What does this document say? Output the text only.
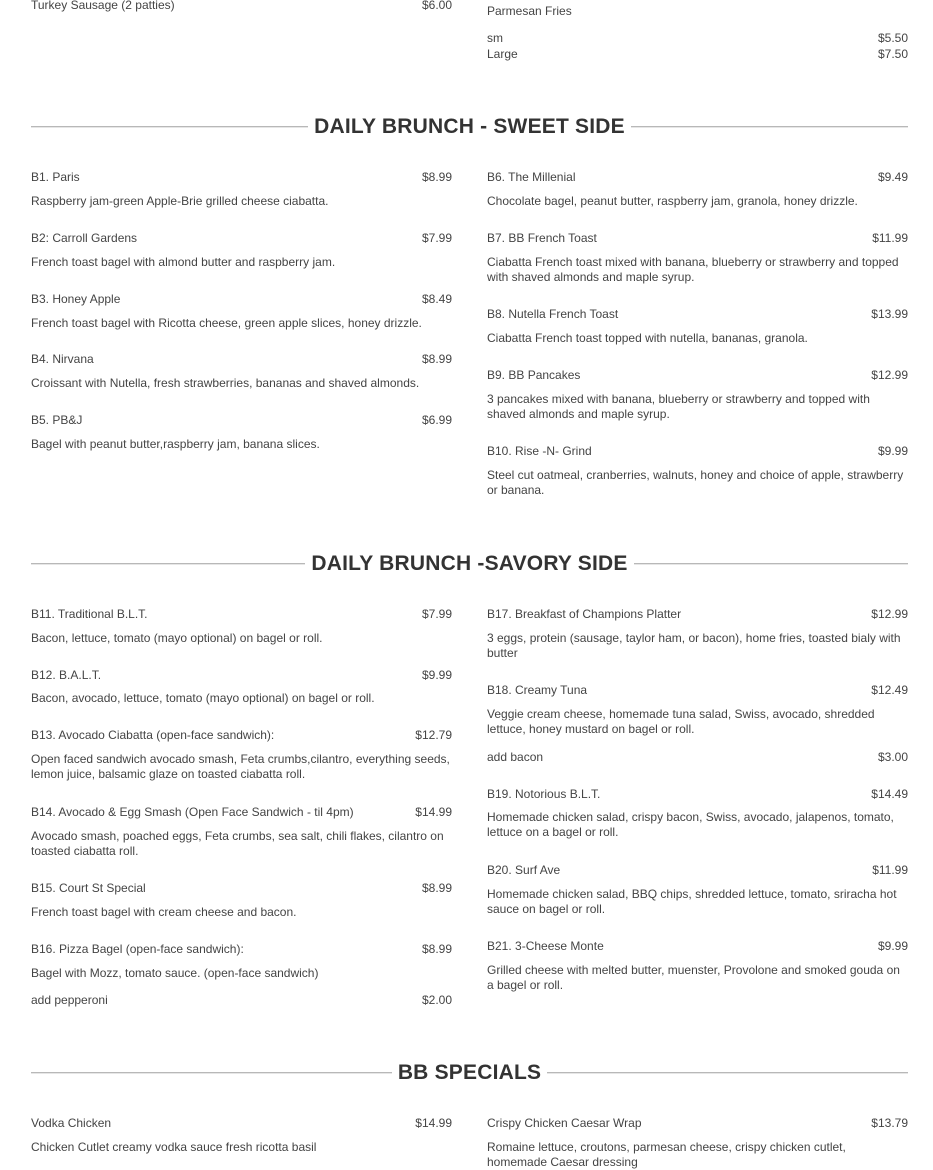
Turkey Sausage (2 patties)	$6.00	Parmesan Fries
sm	$5.50
Large	$7.50
DAILY BRUNCH - SWEET SIDE
B1. Paris	$8.99
Raspberry jam-green Apple-Brie grilled cheese ciabatta.
B2: Carroll Gardens	$7.99
French toast bagel with almond butter and raspberry jam.
B3. Honey Apple	$8.49
French toast bagel with Ricotta cheese, green apple slices, honey drizzle.
B4. Nirvana	$8.99
Croissant with Nutella, fresh strawberries, bananas and shaved almonds.
B5. PB&J	$6.99
Bagel with peanut butter,raspberry jam, banana slices.
B6. The Millenial	$9.49
Chocolate bagel, peanut butter, raspberry jam, granola, honey drizzle.
B7. BB French Toast	$11.99
Ciabatta French toast mixed with banana, blueberry or strawberry and topped with shaved almonds and maple syrup.
B8. Nutella French Toast	$13.99
Ciabatta French toast topped with nutella, bananas, granola.
B9. BB Pancakes	$12.99
3 pancakes mixed with banana, blueberry or strawberry and topped with shaved almonds and maple syrup.
B10. Rise -N- Grind	$9.99
Steel cut oatmeal, cranberries, walnuts, honey and choice of apple, strawberry or banana.
DAILY BRUNCH -SAVORY SIDE
B11. Traditional B.L.T.	$7.99
Bacon, lettuce, tomato (mayo optional) on bagel or roll.
B12. B.A.L.T.	$9.99
Bacon, avocado, lettuce, tomato (mayo optional) on bagel or roll.
B13. Avocado Ciabatta (open-face sandwich):	$12.79
Open faced sandwich avocado smash, Feta crumbs,cilantro, everything seeds, lemon juice, balsamic glaze on toasted ciabatta roll.
B14. Avocado & Egg Smash (Open Face Sandwich - til 4pm)	$14.99
Avocado smash, poached eggs, Feta crumbs, sea salt, chili flakes, cilantro on toasted ciabatta roll.
B15. Court St Special	$8.99
French toast bagel with cream cheese and bacon.
B16. Pizza Bagel (open-face sandwich):	$8.99
Bagel with Mozz, tomato sauce. (open-face sandwich)
add pepperoni	$2.00
B17. Breakfast of Champions Platter	$12.99
3 eggs, protein (sausage, taylor ham, or bacon), home fries, toasted bialy with butter
B18. Creamy Tuna	$12.49
Veggie cream cheese, homemade tuna salad, Swiss, avocado, shredded lettuce, honey mustard on bagel or roll.
add bacon	$3.00
B19. Notorious B.L.T.	$14.49
Homemade chicken salad, crispy bacon, Swiss, avocado, jalapenos, tomato, lettuce on a bagel or roll.
B20. Surf Ave	$11.99
Homemade chicken salad, BBQ chips, shredded lettuce, tomato, sriracha hot sauce on bagel or roll.
B21. 3-Cheese Monte	$9.99
Grilled cheese with melted butter, muenster, Provolone and smoked gouda on a bagel or roll.
BB SPECIALS
Vodka Chicken	$14.99
Chicken Cutlet creamy vodka sauce fresh ricotta basil
Crispy Chicken Caesar Wrap	$13.79
Romaine lettuce, croutons, parmesan cheese, crispy chicken cutlet, homemade Caesar dressing
